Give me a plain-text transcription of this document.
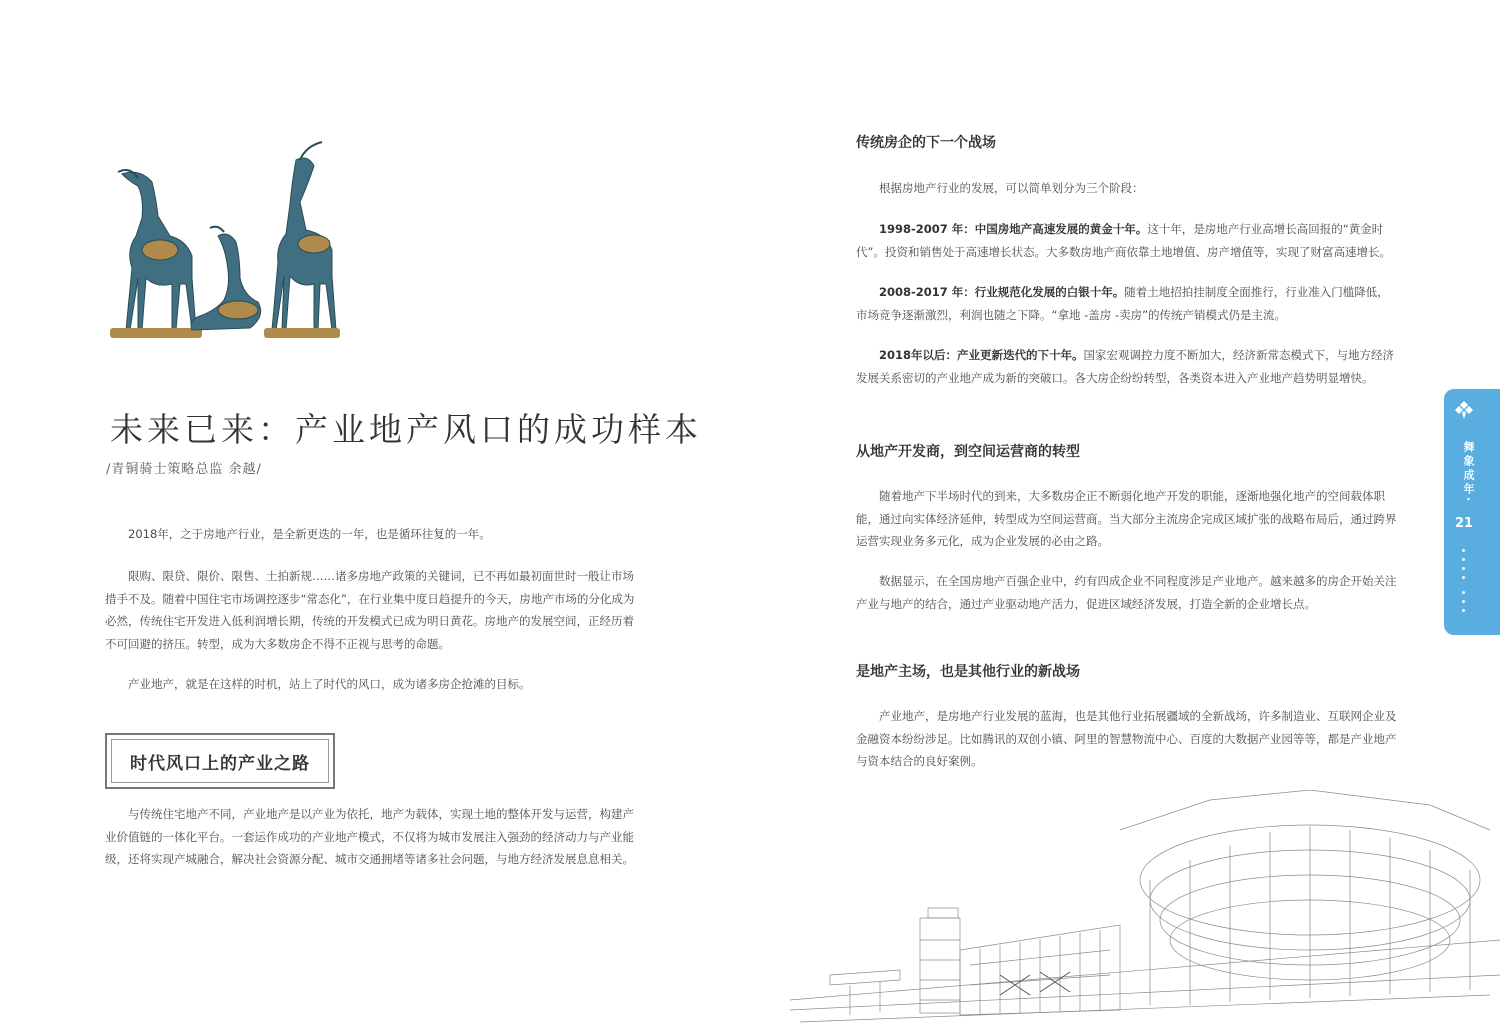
未来已来：产业地产风口的成功样本

/青铜骑士策略总监 余越/

2018年，之于房地产行业，是全新更迭的一年，也是循环往复的一年。

限购、限贷、限价、限售、土拍新规……诸多房地产政策的关键词，已不再如最初面世时一般让市场措手不及。随着中国住宅市场调控逐步“常态化”，在行业集中度日趋提升的今天，房地产市场的分化成为必然，传统住宅开发进入低利润增长期，传统的开发模式已成为明日黄花。房地产的发展空间，正经历着不可回避的挤压。转型，成为大多数房企不得不正视与思考的命题。

产业地产，就是在这样的时机，站上了时代的风口，成为诸多房企抢滩的目标。

时代风口上的产业之路

与传统住宅地产不同，产业地产是以产业为依托，地产为载体，实现土地的整体开发与运营，构建产业价值链的一体化平台。一套运作成功的产业地产模式，不仅将为城市发展注入强劲的经济动力与产业能级，还将实现产城融合，解决社会资源分配、城市交通拥堵等诸多社会问题，与地方经济发展息息相关。

传统房企的下一个战场

根据房地产行业的发展，可以简单划分为三个阶段：

1998-2007 年：中国房地产高速发展的黄金十年。这十年，是房地产行业高增长高回报的“黄金时代”。投资和销售处于高速增长状态。大多数房地产商依靠土地增值、房产增值等，实现了财富高速增长。

2008-2017 年：行业规范化发展的白银十年。随着土地招拍挂制度全面推行，行业准入门槛降低，市场竞争逐渐激烈，利润也随之下降。“拿地 -盖房 -卖房”的传统产销模式仍是主流。

2018年以后：产业更新迭代的下十年。国家宏观调控力度不断加大，经济新常态模式下，与地方经济发展关系密切的产业地产成为新的突破口。各大房企纷纷转型，各类资本进入产业地产趋势明显增快。

从地产开发商，到空间运营商的转型

随着地产下半场时代的到来，大多数房企正不断弱化地产开发的职能，逐渐地强化地产的空间载体职能，通过向实体经济延伸，转型成为空间运营商。当大部分主流房企完成区域扩张的战略布局后，通过跨界运营实现业务多元化，成为企业发展的必由之路。

数据显示，在全国房地产百强企业中，约有四成企业不同程度涉足产业地产。越来越多的房企开始关注产业与地产的结合，通过产业驱动地产活力，促进区域经济发展，打造全新的企业增长点。

是地产主场，也是其他行业的新战场

产业地产，是房地产行业发展的蓝海，也是其他行业拓展疆域的全新战场，许多制造业、互联网企业及金融资本纷纷涉足。比如腾讯的双创小镇、阿里的智慧物流中心、百度的大数据产业园等等，都是产业地产与资本结合的良好案例。

舞象成年·
21
